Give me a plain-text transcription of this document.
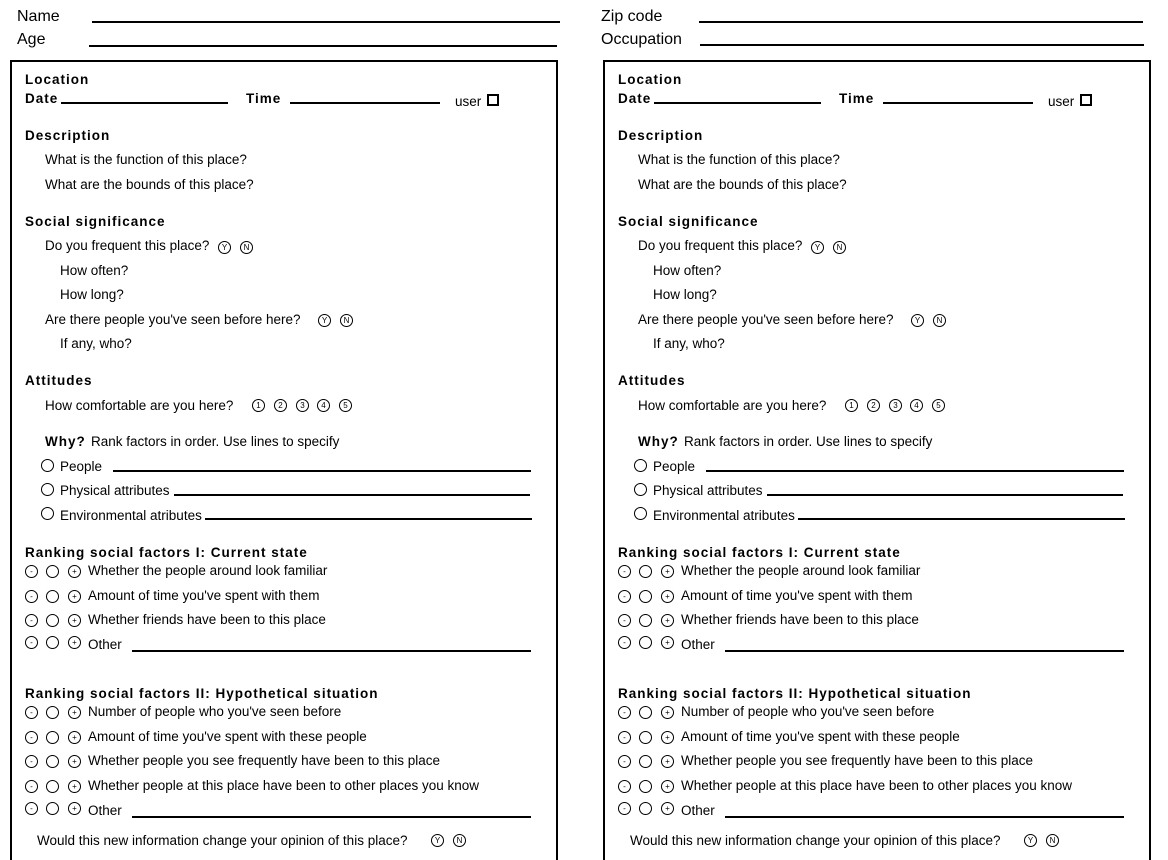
Name
Age
Zip code
Occupation
Location
Date	Time	user
Description
What is the function of this place?
What are the bounds of this place?
Social significance
Do you frequent this place?	Y	N
How often?
How long?
Are there people you've seen before here?	Y	N
If any, who?
Attitudes
How comfortable are you here?	1	2	3	4	5
Why? Rank factors in order. Use lines to specify
People
Physical attributes
Environmental atributes
Ranking social factors I: Current state
Ranking social factors II: Hypothetical situation
Would this new information change your opinion of this place?	Y	N
-	+ Whether the people around look familiar
-	+ Amount of time you've spent with them
-	+ Whether friends have been to this place
-	+ Other
-	+ Number of people who you've seen before
-	+ Amount of time you've spent with these people
-	+ Whether people you see frequently have been to this place
-	+ Whether people at this place have been to other places you know
-	+ Other
Location
Date	Time	user
Description
What is the function of this place?
What are the bounds of this place?
Social significance
Do you frequent this place?	Y	N
How often?
How long?
Are there people you've seen before here?	Y	N
If any, who?
Attitudes
How comfortable are you here?	1	2	3	4	5
Why? Rank factors in order. Use lines to specify
People
Physical attributes
Environmental atributes
Ranking social factors I: Current state
Ranking social factors II: Hypothetical situation
Would this new information change your opinion of this place?	Y	N
-	+ Whether the people around look familiar
-	+ Amount of time you've spent with them
-	+ Whether friends have been to this place
-	+ Other
-	+ Number of people who you've seen before
-	+ Amount of time you've spent with these people
-	+ Whether people you see frequently have been to this place
-	+ Whether people at this place have been to other places you know
-	+ Other
